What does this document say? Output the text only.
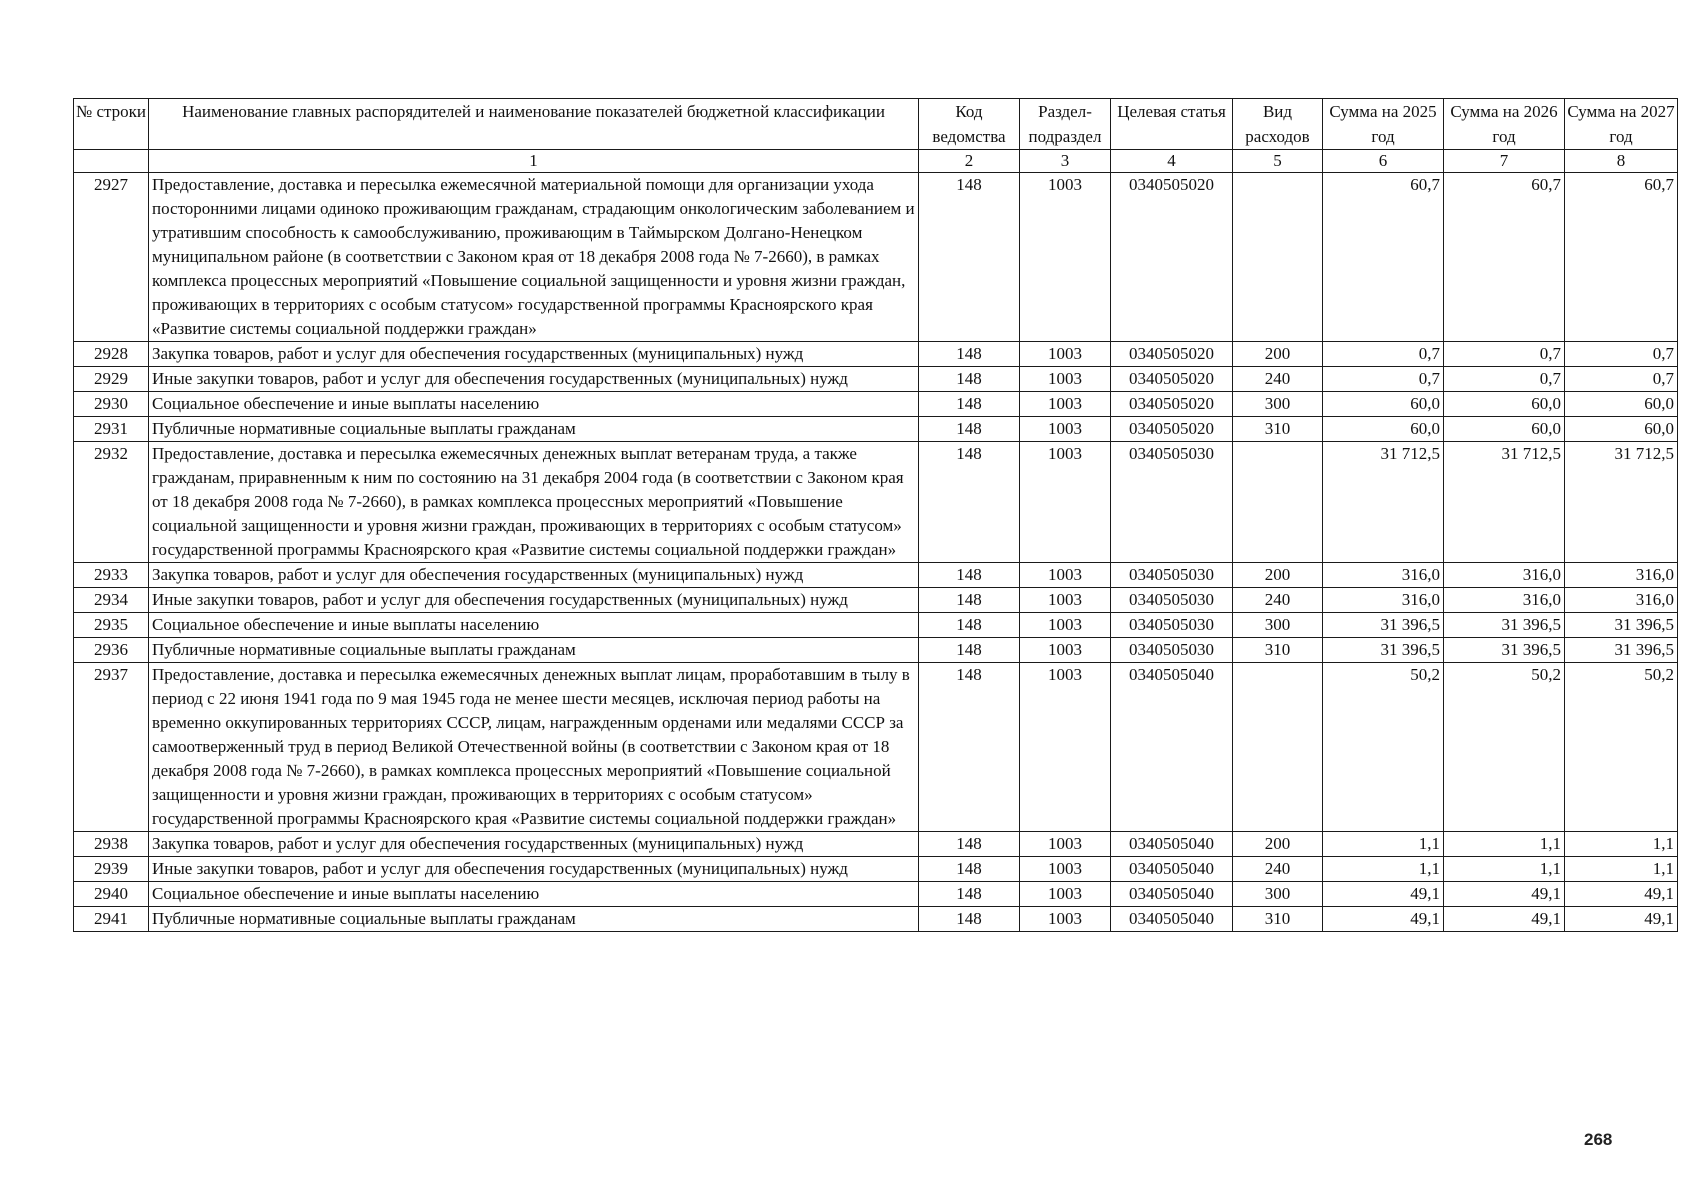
№ строки	Наименование главных распорядителей и наименование показателей бюджетной классификации	Код ведомства	Раздел-подраздел	Целевая статья	Вид расходов	Сумма на 2025 год	Сумма на 2026 год	Сумма на 2027 год
	1	2	3	4	5	6	7	8
2927	Предоставление, доставка и пересылка ежемесячной материальной помощи для организации ухода посторонними лицами одиноко проживающим гражданам, страдающим онкологическим заболеванием и утратившим способность к самообслуживанию, проживающим в Таймырском Долгано-Ненецком муниципальном районе (в соответствии с Законом края от 18 декабря 2008 года № 7-2660), в рамках комплекса процессных мероприятий «Повышение социальной защищенности и уровня жизни граждан, проживающих в территориях с особым статусом» государственной программы Красноярского края «Развитие системы социальной поддержки граждан»	148	1003	0340505020		60,7	60,7	60,7
2928	Закупка товаров, работ и услуг для обеспечения государственных (муниципальных) нужд	148	1003	0340505020	200	0,7	0,7	0,7
2929	Иные закупки товаров, работ и услуг для обеспечения государственных (муниципальных) нужд	148	1003	0340505020	240	0,7	0,7	0,7
2930	Социальное обеспечение и иные выплаты населению	148	1003	0340505020	300	60,0	60,0	60,0
2931	Публичные нормативные социальные выплаты гражданам	148	1003	0340505020	310	60,0	60,0	60,0
2932	Предоставление, доставка и пересылка ежемесячных денежных выплат ветеранам труда, а также гражданам, приравненным к ним по состоянию на 31 декабря 2004 года (в соответствии с Законом края от 18 декабря 2008 года № 7-2660), в рамках комплекса процессных мероприятий «Повышение социальной защищенности и уровня жизни граждан, проживающих в территориях с особым статусом» государственной программы Красноярского края «Развитие системы социальной поддержки граждан»	148	1003	0340505030		31 712,5	31 712,5	31 712,5
2933	Закупка товаров, работ и услуг для обеспечения государственных (муниципальных) нужд	148	1003	0340505030	200	316,0	316,0	316,0
2934	Иные закупки товаров, работ и услуг для обеспечения государственных (муниципальных) нужд	148	1003	0340505030	240	316,0	316,0	316,0
2935	Социальное обеспечение и иные выплаты населению	148	1003	0340505030	300	31 396,5	31 396,5	31 396,5
2936	Публичные нормативные социальные выплаты гражданам	148	1003	0340505030	310	31 396,5	31 396,5	31 396,5
2937	Предоставление, доставка и пересылка ежемесячных денежных выплат лицам, проработавшим в тылу в период с 22 июня 1941 года по 9 мая 1945 года не менее шести месяцев, исключая период работы на временно оккупированных территориях СССР, лицам, награжденным орденами или медалями СССР за самоотверженный труд в период Великой Отечественной войны (в соответствии с Законом края от 18 декабря 2008 года № 7-2660), в рамках комплекса процессных мероприятий «Повышение социальной защищенности и уровня жизни граждан, проживающих в территориях с особым статусом» государственной программы Красноярского края «Развитие системы социальной поддержки граждан»	148	1003	0340505040		50,2	50,2	50,2
2938	Закупка товаров, работ и услуг для обеспечения государственных (муниципальных) нужд	148	1003	0340505040	200	1,1	1,1	1,1
2939	Иные закупки товаров, работ и услуг для обеспечения государственных (муниципальных) нужд	148	1003	0340505040	240	1,1	1,1	1,1
2940	Социальное обеспечение и иные выплаты населению	148	1003	0340505040	300	49,1	49,1	49,1
2941	Публичные нормативные социальные выплаты гражданам	148	1003	0340505040	310	49,1	49,1	49,1
268
